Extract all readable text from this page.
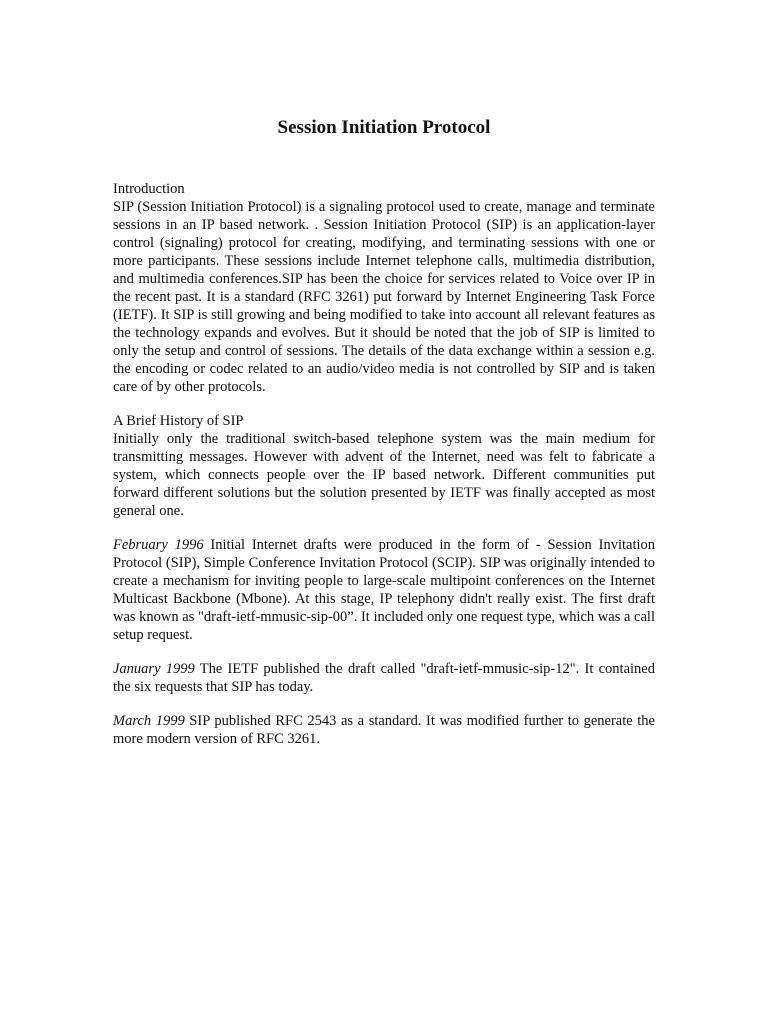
Session Initiation Protocol

Introduction

SIP (Session Initiation Protocol) is a signaling protocol used to create, manage and terminate sessions in an IP based network. . Session Initiation Protocol (SIP) is an application-layer control (signaling) protocol for creating, modifying, and terminating sessions with one or more participants. These sessions include Internet telephone calls, multimedia distribution, and multimedia conferences.SIP has been the choice for services related to Voice over IP in the recent past. It is a standard (RFC 3261) put forward by Internet Engineering Task Force (IETF). It SIP is still growing and being modified to take into account all relevant features as the technology expands and evolves. But it should be noted that the job of SIP is limited to only the setup and control of sessions. The details of the data exchange within a session e.g. the encoding or codec related to an audio/video media is not controlled by SIP and is taken care of by other protocols.

A Brief History of SIP

Initially only the traditional switch-based telephone system was the main medium for transmitting messages. However with advent of the Internet, need was felt to fabricate a system, which connects people over the IP based network. Different communities put forward different solutions but the solution presented by IETF was finally accepted as most general one.

February 1996 Initial Internet drafts were produced in the form of - Session Invitation Protocol (SIP), Simple Conference Invitation Protocol (SCIP). SIP was originally intended to create a mechanism for inviting people to large-scale multipoint conferences on the Internet Multicast Backbone (Mbone). At this stage, IP telephony didn't really exist. The first draft was known as "draft-ietf-mmusic-sip-00”. It included only one request type, which was a call setup request.

January 1999 The IETF published the draft called "draft-ietf-mmusic-sip-12". It contained the six requests that SIP has today.

March 1999 SIP published RFC 2543 as a standard. It was modified further to generate the more modern version of RFC 3261.
